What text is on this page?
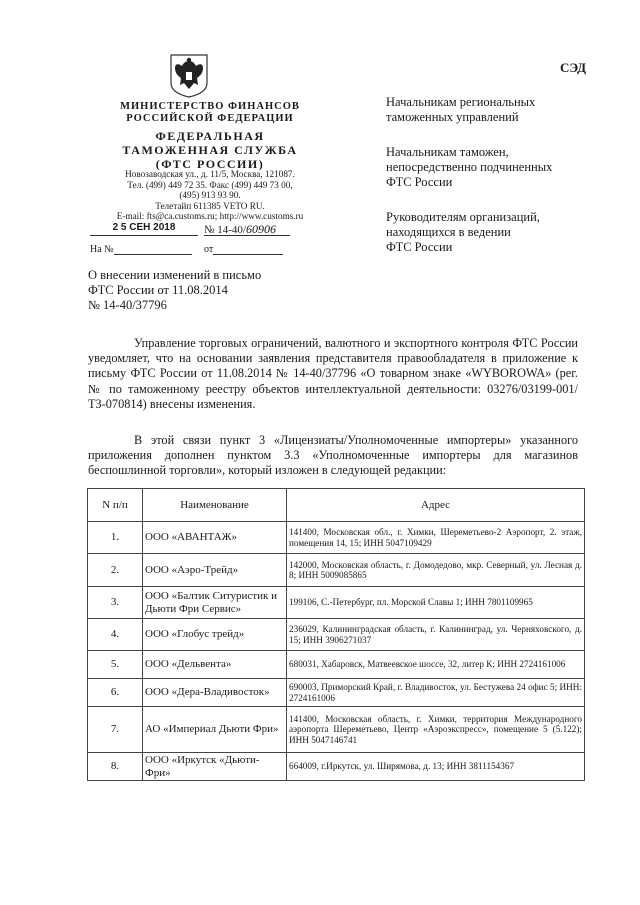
МИНИСТЕРСТВО ФИНАНСОВ
РОССИЙСКОЙ ФЕДЕРАЦИИ
ФЕДЕРАЛЬНАЯ
ТАМОЖЕННАЯ СЛУЖБА
(ФТС РОССИИ)
Новозаводская ул., д. 11/5, Москва, 121087.
Тел. (499) 449 72 35. Факс (499) 449 73 00,
(495) 913 93 90.
Телетайп 611385 VETO RU.
E-mail: fts@ca.customs.ru; http://www.customs.ru
2 5 СЕН 2018	№ 14-40/60906
На №	от
СЭД
Начальникам региональных
таможенных управлений
Начальникам таможен,
непосредственно подчиненных
ФТС России
Руководителям организаций,
находящихся в ведении
ФТС России
О внесении изменений в письмо
ФТС России от 11.08.2014
№ 14-40/37796
Управление торговых ограничений, валютного и экспортного контроля ФТС России уведомляет, что на основании заявления представителя правообладателя в приложение к письму ФТС России от 11.08.2014 № 14-40/37796 «О товарном знаке «WYBOROWA» (рег. № по таможенному реестру объектов интеллектуальной деятельности: 03276/03199-001/ТЗ-070814) внесены изменения.
В этой связи пункт 3 «Лицензиаты/Уполномоченные импортеры» указанного приложения дополнен пунктом 3.3 «Уполномоченные импортеры для магазинов беспошлинной торговли», который изложен в следующей редакции:
N п/п	Наименование	Адрес
1.	ООО «АВАНТАЖ»	141400, Московская обл., г. Химки, Шереметьево-2 Аэропорт, 2. этаж, помещения 14, 15; ИНН 5047109429
2.	ООО «Аэро-Трейд»	142000, Московская область, г. Домодедово, мкр. Северный, ул. Лесная д. 8; ИНН 5009085865
3.	ООО «Балтик Ситуристик и Дьюти Фри Сервис»	199106, С.-Петербург, пл. Морской Славы 1; ИНН 7801109965
4.	ООО «Глобус трейд»	236029, Калининградская область, г. Калининград, ул. Черняховского, д. 15; ИНН 3906271037
5.	ООО «Дельвента»	680031, Хабаровск, Матвеевское шоссе, 32, литер К; ИНН 2724161006
6.	ООО «Дера-Владивосток»	690003, Приморский Край, г. Владивосток, ул. Бестужева 24 офис 5; ИНН: 2724161006
7.	АО «Империал Дьюти Фри»	141400, Московская область, г. Химки, территория Международного аэропорта Шереметьево, Центр «Аэроэкспресс», помещение 5 (5.122); ИНН 5047146741
8.	ООО «Иркутск «Дьюти-Фри»	664009, г.Иркутск, ул. Ширямова, д. 13; ИНН 3811154367
